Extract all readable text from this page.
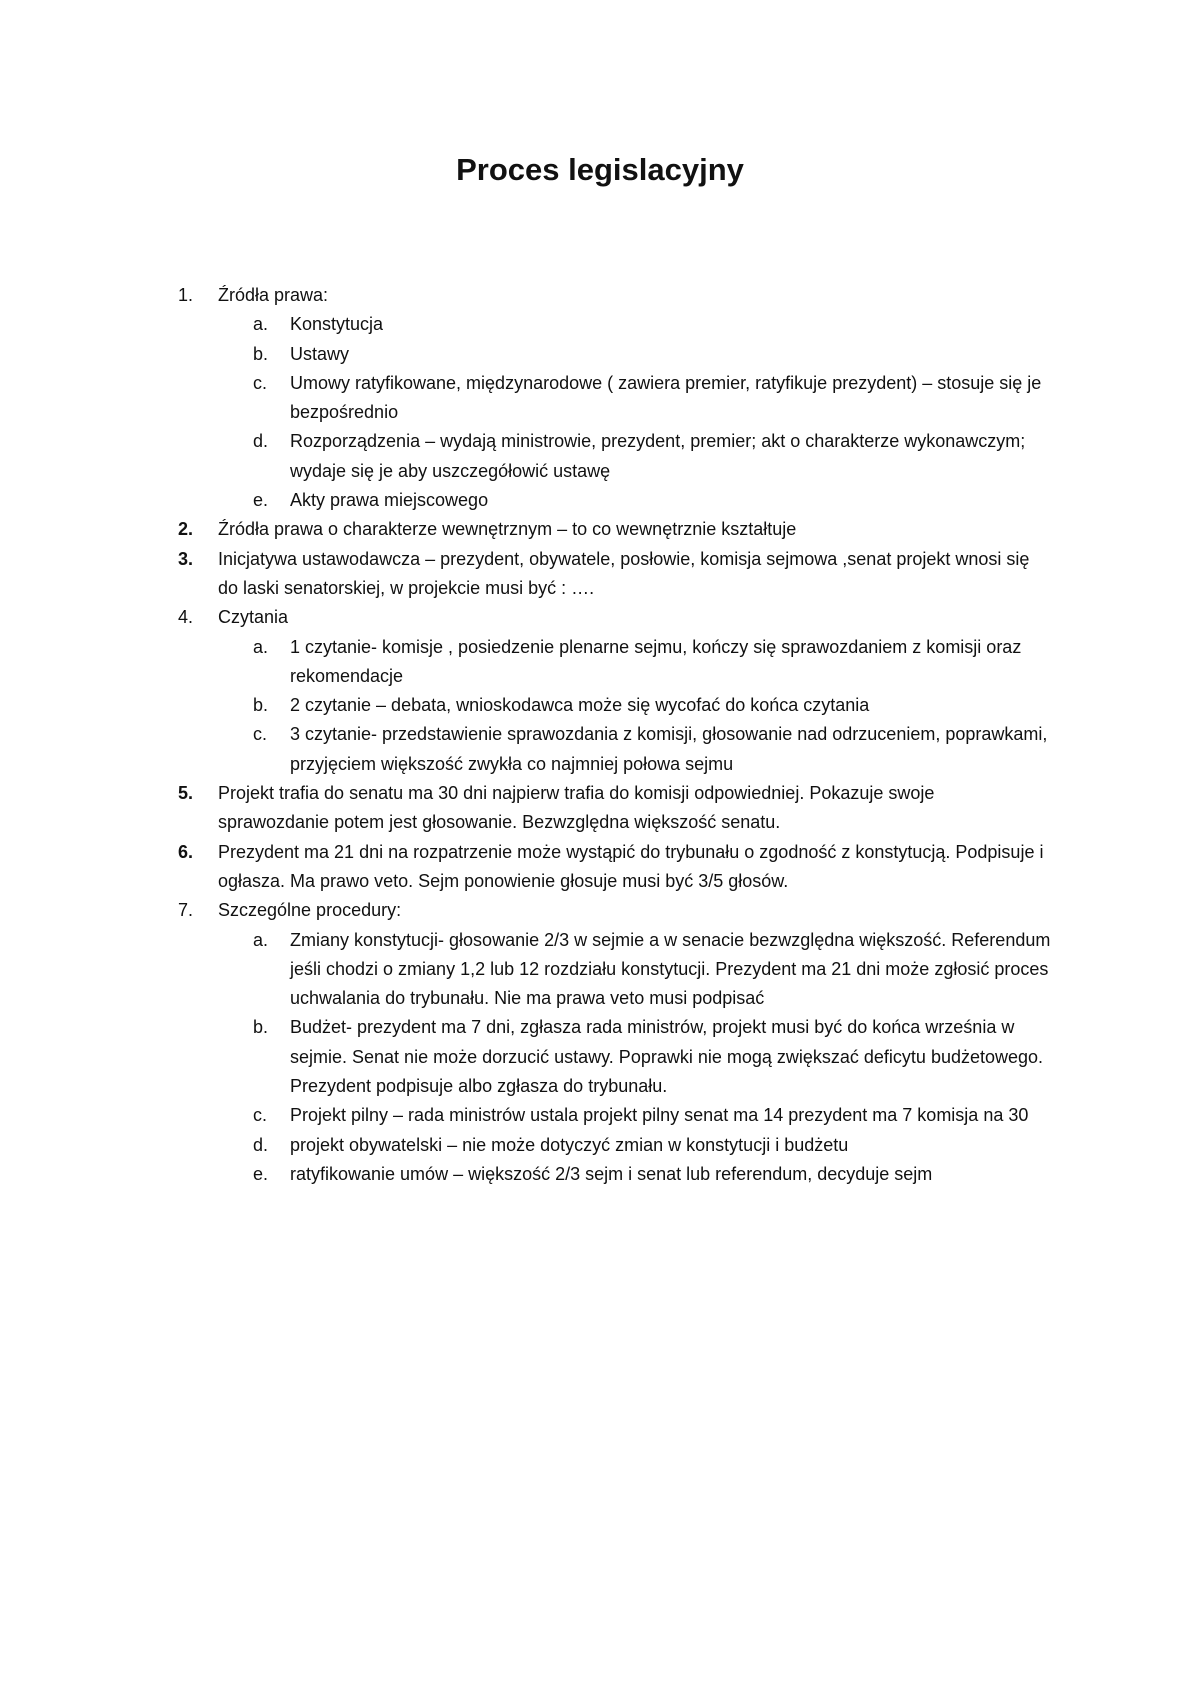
Proces legislacyjny
1. Źródła prawa:
a. Konstytucja
b. Ustawy
c. Umowy ratyfikowane, międzynarodowe ( zawiera premier, ratyfikuje prezydent) – stosuje się je bezpośrednio
d. Rozporządzenia – wydają ministrowie, prezydent, premier; akt o charakterze wykonawczym; wydaje się je aby uszczegółowić ustawę
e. Akty prawa miejscowego
2. Źródła prawa o charakterze wewnętrznym – to co wewnętrznie kształtuje
3. Inicjatywa ustawodawcza – prezydent, obywatele, posłowie, komisja sejmowa ,senat projekt wnosi się do laski senatorskiej, w projekcie musi być : ….
4. Czytania
a. 1 czytanie- komisje , posiedzenie plenarne sejmu, kończy się sprawozdaniem z komisji oraz rekomendacje
b. 2 czytanie – debata, wnioskodawca może się wycofać do końca czytania
c. 3 czytanie- przedstawienie sprawozdania z komisji, głosowanie nad odrzuceniem, poprawkami, przyjęciem większość zwykła co najmniej połowa sejmu
5. Projekt trafia do senatu ma 30 dni najpierw trafia do komisji odpowiedniej. Pokazuje swoje sprawozdanie potem jest głosowanie. Bezwzględna większość senatu.
6. Prezydent ma 21 dni na rozpatrzenie może wystąpić do trybunału o zgodność z konstytucją. Podpisuje i ogłasza. Ma prawo veto. Sejm ponowienie głosuje musi być 3/5 głosów.
7. Szczególne procedury:
a. Zmiany konstytucji- głosowanie 2/3 w sejmie a w senacie bezwzględna większość. Referendum jeśli chodzi o zmiany 1,2 lub 12 rozdziału konstytucji. Prezydent ma 21 dni może zgłosić proces uchwalania do trybunału. Nie ma prawa veto musi podpisać
b. Budżet- prezydent ma 7 dni, zgłasza rada ministrów, projekt musi być do końca września w sejmie. Senat nie może dorzucić ustawy. Poprawki nie mogą zwiększać deficytu budżetowego. Prezydent podpisuje albo zgłasza do trybunału.
c. Projekt pilny – rada ministrów ustala projekt pilny senat ma 14 prezydent ma 7 komisja na 30
d. projekt obywatelski – nie może dotyczyć zmian w konstytucji i budżetu
e. ratyfikowanie umów – większość 2/3 sejm i senat lub referendum, decyduje sejm
